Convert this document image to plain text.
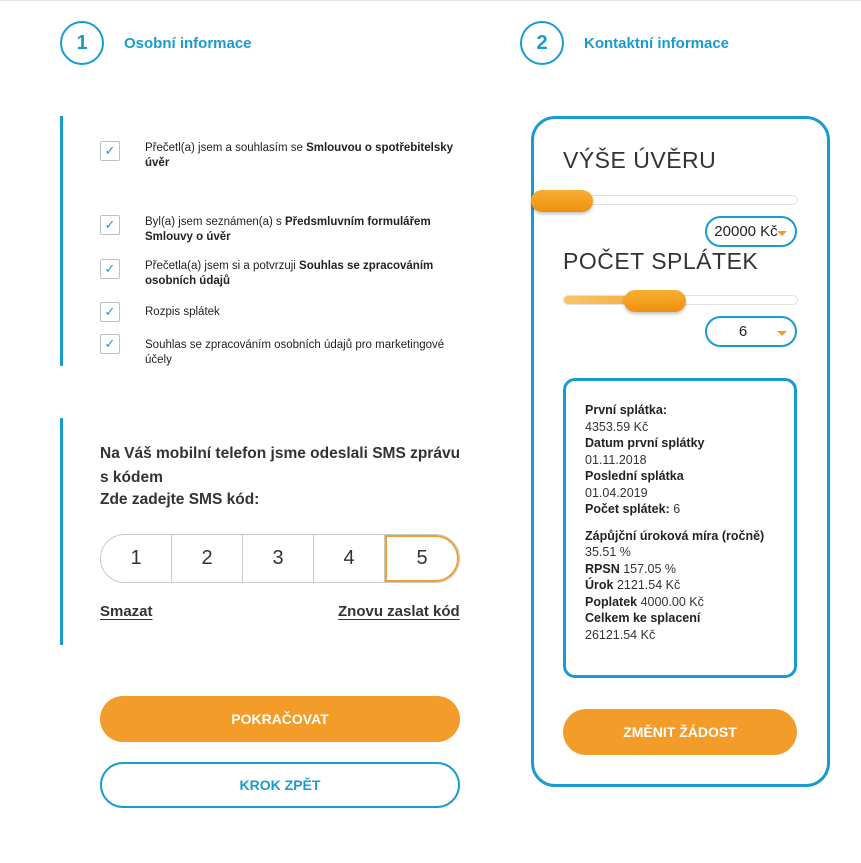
1	Osobní informace	2	Kontaktní informace
✓	Přečetl(a) jsem a souhlasím se Smlouvou o spotřebitelsky úvěr
✓	Byl(a) jsem seznámen(a) s Předsmluvním formulářem Smlouvy o úvěr
✓	Přečetla(a) jsem si a potvrzuji Souhlas se zpracováním osobních údajů
✓	Rozpis splátek
✓	Souhlas se zpracováním osobních údajů pro marketingové účely
Na Váš mobilní telefon jsme odeslali SMS zprávu s kódem
Zde zadejte SMS kód:
1	2	3	4	5
Smazat	Znovu zaslat kód
POKRAČOVAT
KROK ZPĚT
VÝŠE ÚVĚRU
20000 Kč
POČET SPLÁTEK
6
První splátka:
4353.59 Kč
Datum první splátky
01.11.2018
Poslední splátka
01.04.2019
Počet splátek: 6
Zápůjční úroková míra (ročně)
35.51 %
RPSN 157.05 %
Úrok 2121.54 Kč
Poplatek 4000.00 Kč
Celkem ke splacení
26121.54 Kč
ZMĚNIT ŽÁDOST
